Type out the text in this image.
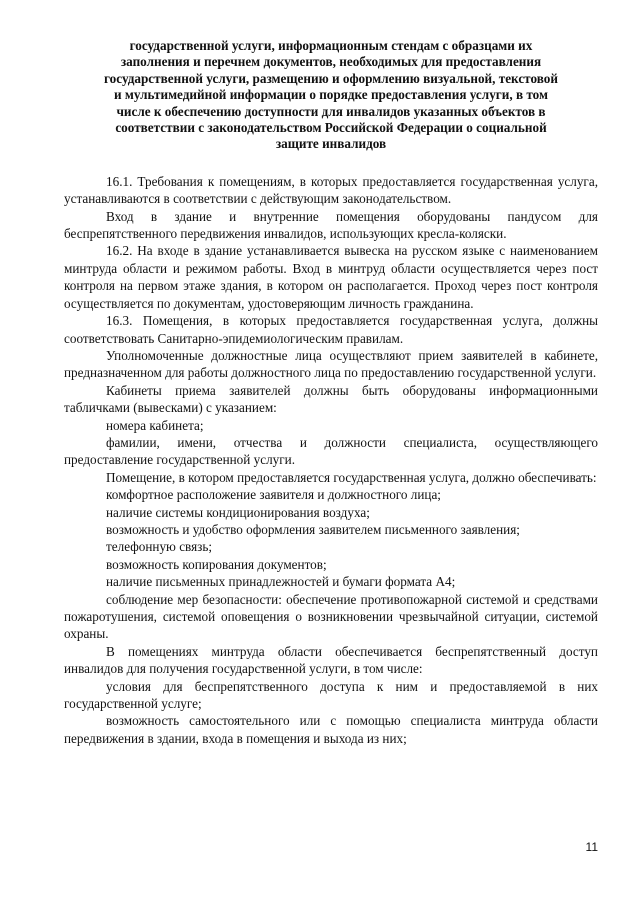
государственной услуги, информационным стендам с образцами их
заполнения и перечнем документов, необходимых для предоставления
государственной услуги, размещению и оформлению визуальной, текстовой
и мультимедийной информации о порядке предоставления услуги, в том
числе к обеспечению доступности для инвалидов указанных объектов в
соответствии с законодательством Российской Федерации о социальной
защите инвалидов

16.1. Требования к помещениям, в которых предоставляется государственная услуга, устанавливаются в соответствии с действующим законодательством.

Вход в здание и внутренние помещения оборудованы пандусом для беспрепятственного передвижения инвалидов, использующих кресла-коляски.

16.2. На входе в здание устанавливается вывеска на русском языке с наименованием минтруда области и режимом работы. Вход в минтруд области осуществляется через пост контроля на первом этаже здания, в котором он располагается. Проход через пост контроля осуществляется по документам, удостоверяющим личность гражданина.

16.3. Помещения, в которых предоставляется государственная услуга, должны соответствовать Санитарно-эпидемиологическим правилам.

Уполномоченные должностные лица осуществляют прием заявителей в кабинете, предназначенном для работы должностного лица по предоставлению государственной услуги.

Кабинеты приема заявителей должны быть оборудованы информационными табличками (вывесками) с указанием:

номера кабинета;

фамилии, имени, отчества и должности специалиста, осуществляющего предоставление государственной услуги.

Помещение, в котором предоставляется государственная услуга, должно обеспечивать:

комфортное расположение заявителя и должностного лица;

наличие системы кондиционирования воздуха;

возможность и удобство оформления заявителем письменного заявления;

телефонную связь;

возможность копирования документов;

наличие письменных принадлежностей и бумаги формата А4;

соблюдение мер безопасности: обеспечение противопожарной системой и средствами пожаротушения, системой оповещения о возникновении чрезвычайной ситуации, системой охраны.

В помещениях минтруда области обеспечивается беспрепятственный доступ инвалидов для получения государственной услуги, в том числе:

условия для беспрепятственного доступа к ним и предоставляемой в них государственной услуге;

возможность самостоятельного или с помощью специалиста минтруда области передвижения в здании, входа в помещения и выхода из них;

11
